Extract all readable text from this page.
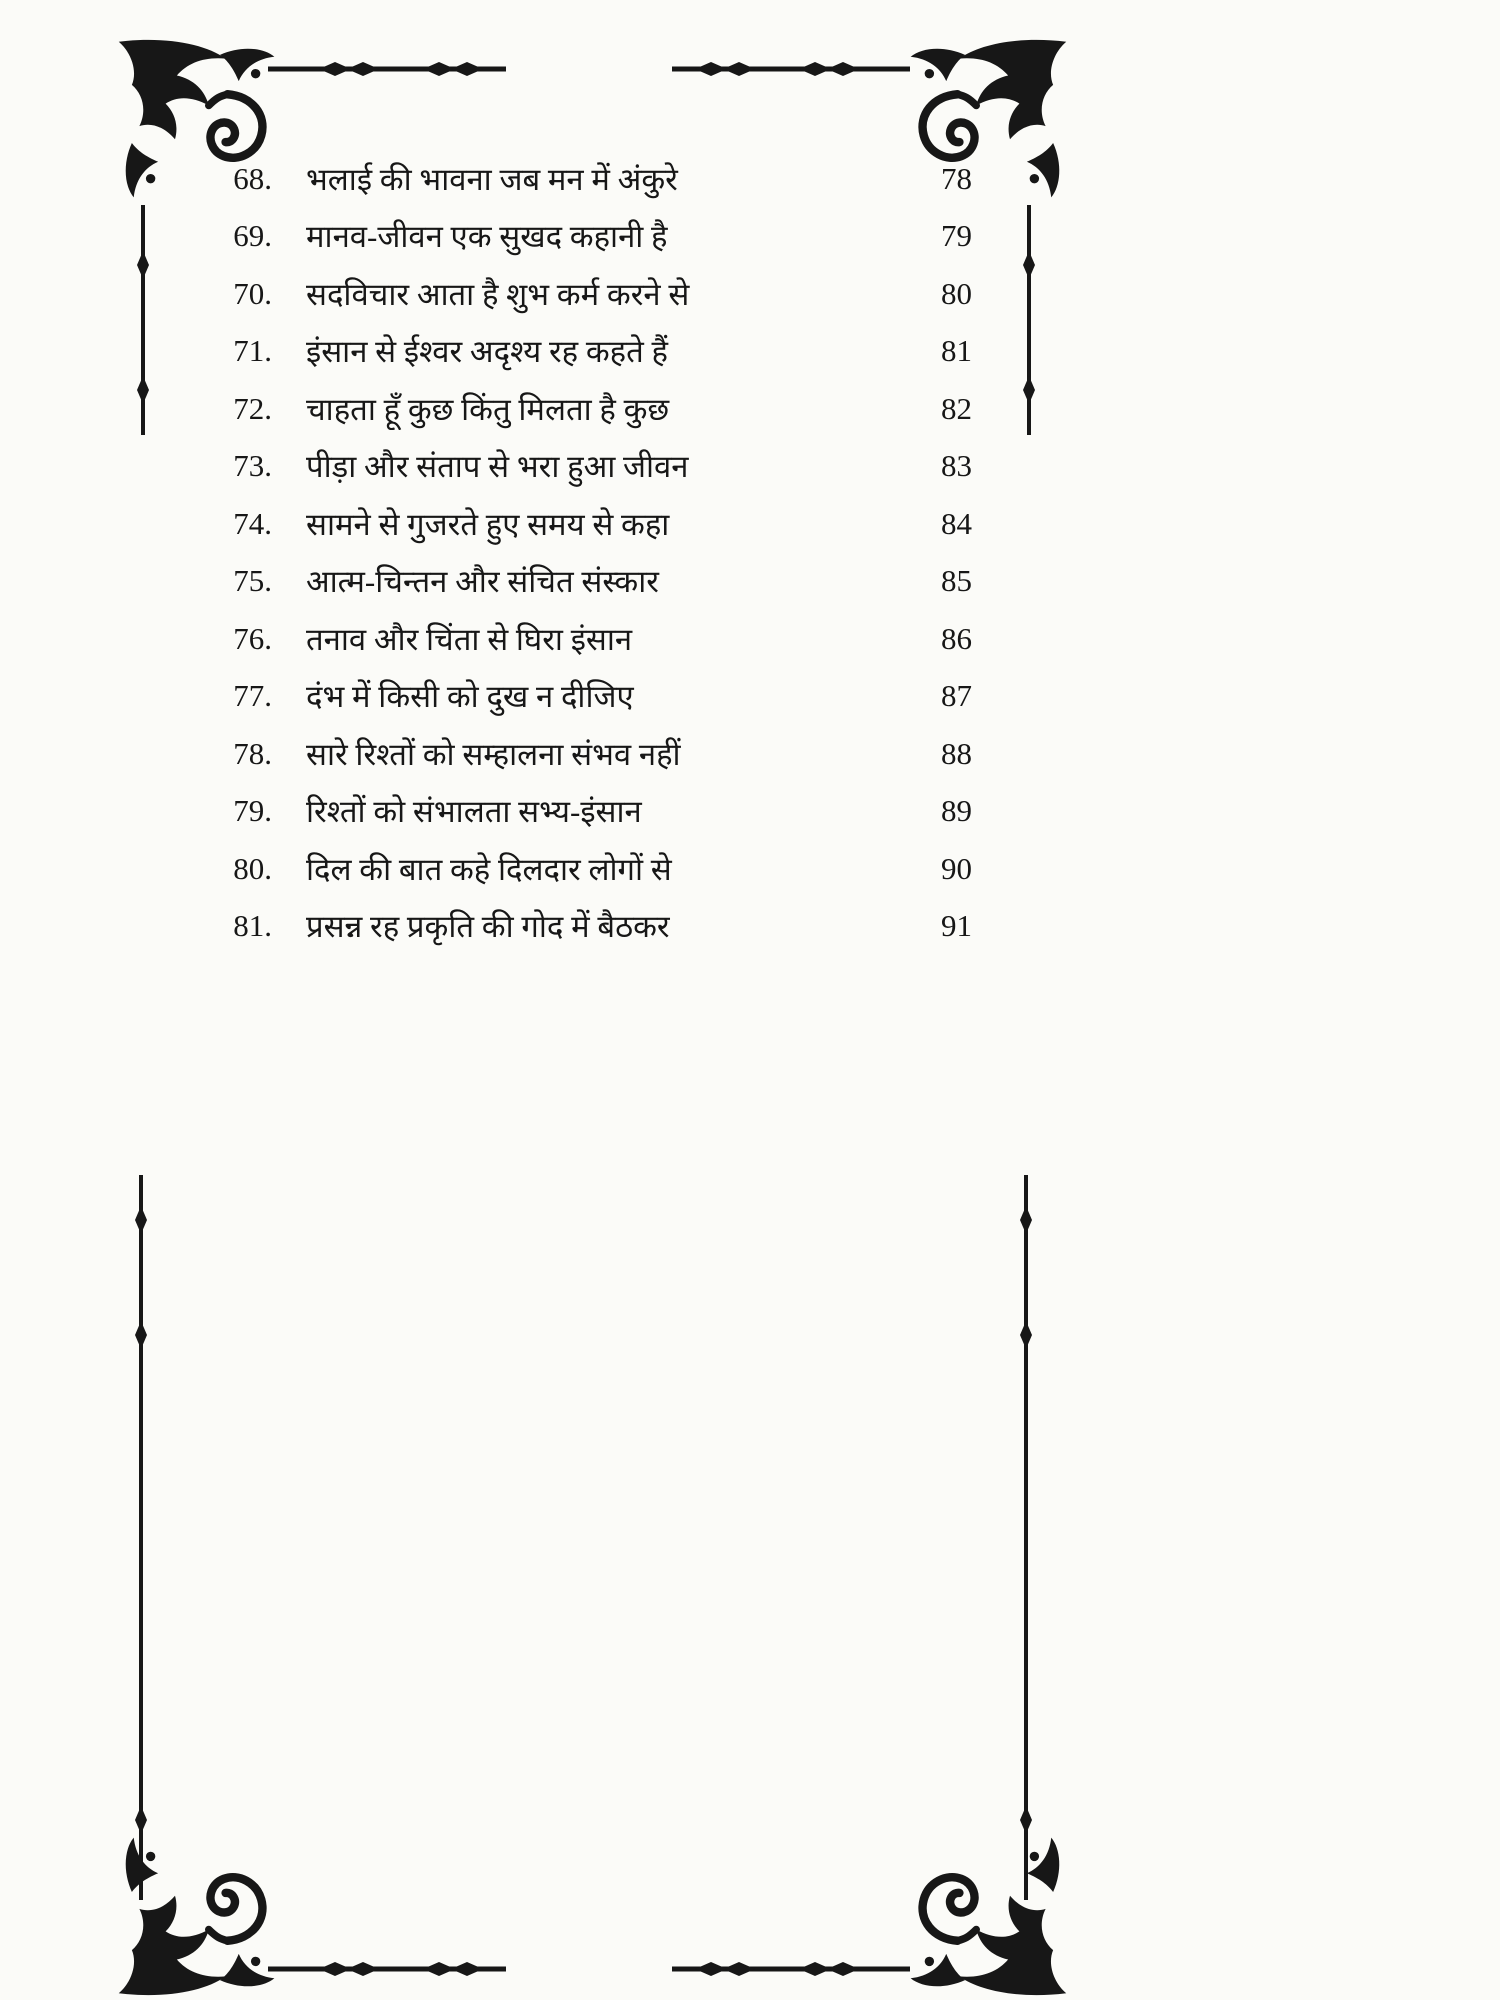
68. भलाई की भावना जब मन में अंकुरे	78
69. मानव-जीवन एक सुखद कहानी है	79
70. सदविचार आता है शुभ कर्म करने से	80
71. इंसान से ईश्वर अदृश्य रह कहते हैं	81
72. चाहता हूँ कुछ किंतु मिलता है कुछ	82
73. पीड़ा और संताप से भरा हुआ जीवन	83
74. सामने से गुजरते हुए समय से कहा	84
75. आत्म-चिन्तन और संचित संस्कार	85
76. तनाव और चिंता से घिरा इंसान	86
77. दंभ में किसी को दुख न दीजिए	87
78. सारे रिश्तों को सम्हालना संभव नहीं	88
79. रिश्तों को संभालता सभ्य-इंसान	89
80. दिल की बात कहे दिलदार लोगों से	90
81. प्रसन्न रह प्रकृति की गोद में बैठकर	91
